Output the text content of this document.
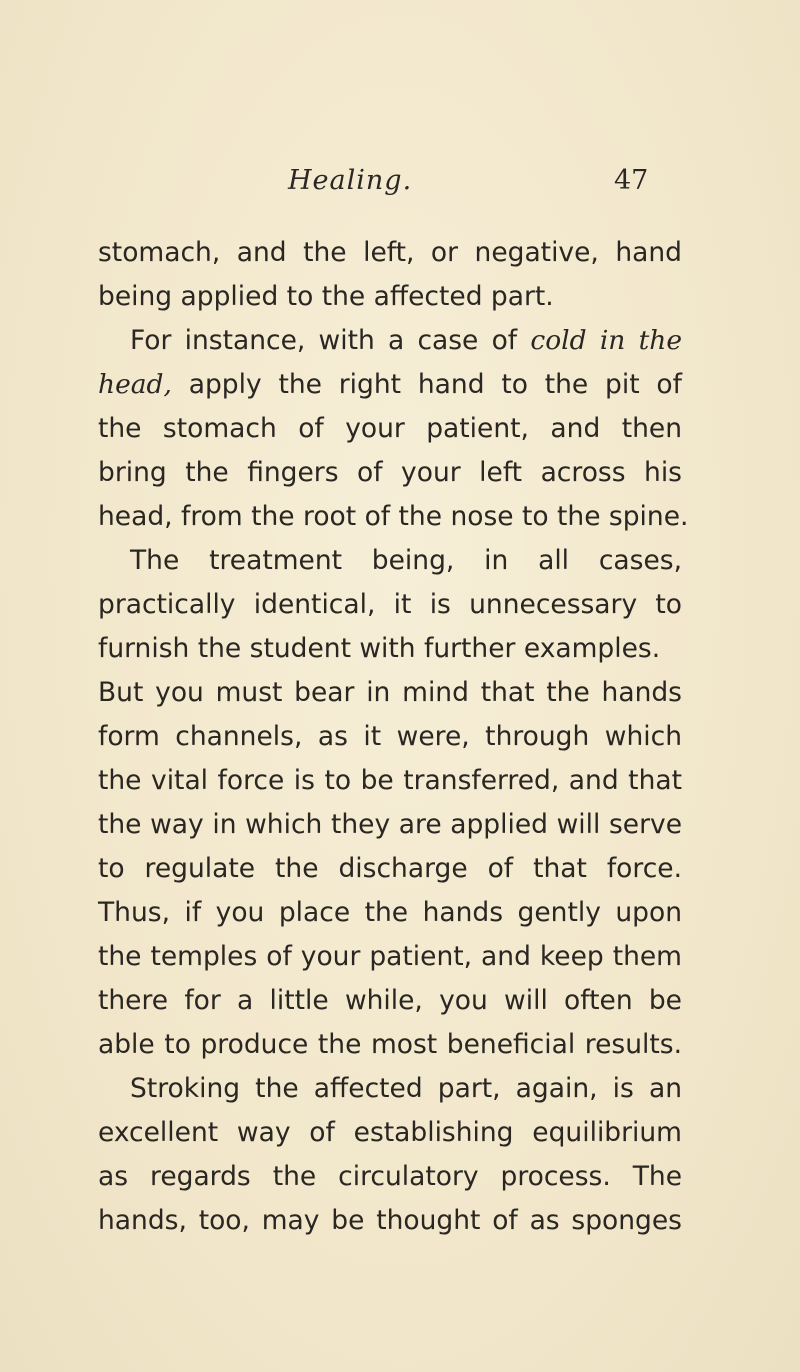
Healing.	47
stomach, and the left, or negative, hand
being applied to the affected part.
For instance, with a case of cold in the
head, apply the right hand to the pit of
the stomach of your patient, and then
bring the fingers of your left across his
head, from the root of the nose to the spine.
The treatment being, in all cases,
practically identical, it is unnecessary to
furnish the student with further examples.
But you must bear in mind that the hands
form channels, as it were, through which
the vital force is to be transferred, and that
the way in which they are applied will serve
to regulate the discharge of that force.
Thus, if you place the hands gently upon
the temples of your patient, and keep them
there for a little while, you will often be
able to produce the most beneficial results.
Stroking the affected part, again, is an
excellent way of establishing equilibrium
as regards the circulatory process. The
hands, too, may be thought of as sponges
